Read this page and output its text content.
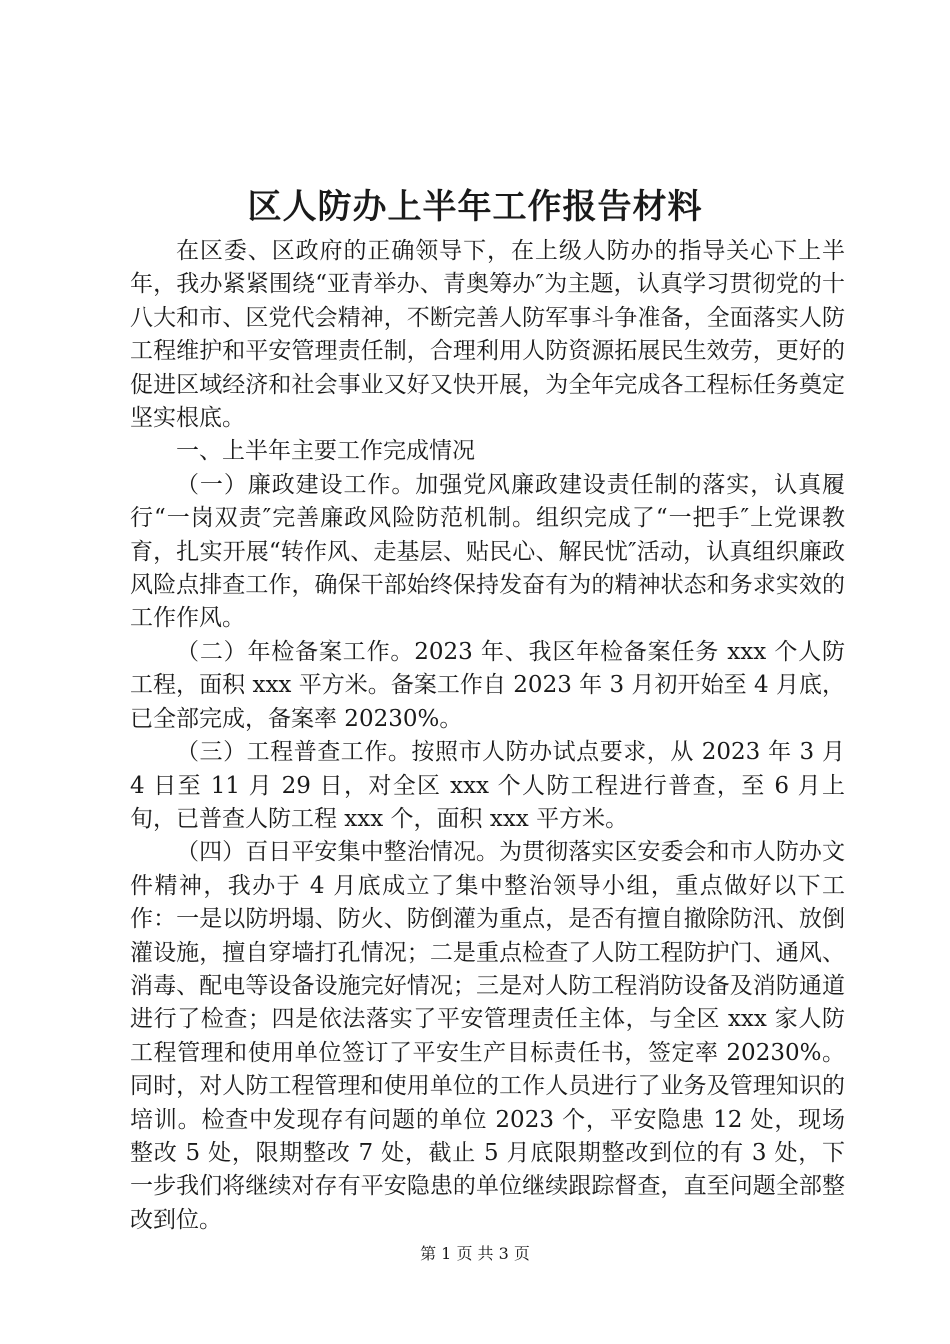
区人防办上半年工作报告材料

在区委、区政府的正确领导下，在上级人防办的指导关心下上半年，我办紧紧围绕“亚青举办、青奥筹办″为主题，认真学习贯彻党的十八大和市、区党代会精神，不断完善人防军事斗争准备，全面落实人防工程维护和平安管理责任制，合理利用人防资源拓展民生效劳，更好的促进区域经济和社会事业又好又快开展，为全年完成各工程标任务奠定坚实根底。

一、上半年主要工作完成情况

（一）廉政建设工作。加强党风廉政建设责任制的落实，认真履行“一岗双责″完善廉政风险防范机制。组织完成了“一把手″上党课教育，扎实开展“转作风、走基层、贴民心、解民忧″活动，认真组织廉政风险点排查工作，确保干部始终保持发奋有为的精神状态和务求实效的工作作风。

（二）年检备案工作。2023 年、我区年检备案任务 xxx 个人防工程，面积 xxx 平方米。备案工作自 2023 年 3 月初开始至 4 月底，已全部完成，备案率 20230%。

（三）工程普查工作。按照市人防办试点要求，从 2023 年 3 月 4 日至 11 月 29 日，对全区 xxx 个人防工程进行普查，至 6 月上旬，已普查人防工程 xxx 个，面积 xxx 平方米。

（四）百日平安集中整治情况。为贯彻落实区安委会和市人防办文件精神，我办于 4 月底成立了集中整治领导小组，重点做好以下工作：一是以防坍塌、防火、防倒灌为重点，是否有擅自撤除防汛、放倒灌设施，擅自穿墙打孔情况；二是重点检查了人防工程防护门、通风、消毒、配电等设备设施完好情况；三是对人防工程消防设备及消防通道进行了检查；四是依法落实了平安管理责任主体，与全区 xxx 家人防工程管理和使用单位签订了平安生产目标责任书，签定率 20230%。同时，对人防工程管理和使用单位的工作人员进行了业务及管理知识的培训。检查中发现存有问题的单位 2023 个，平安隐患 12 处，现场整改 5 处，限期整改 7 处，截止 5 月底限期整改到位的有 3 处，下一步我们将继续对存有平安隐患的单位继续跟踪督查，直至问题全部整改到位。

第 1 页 共 3 页
